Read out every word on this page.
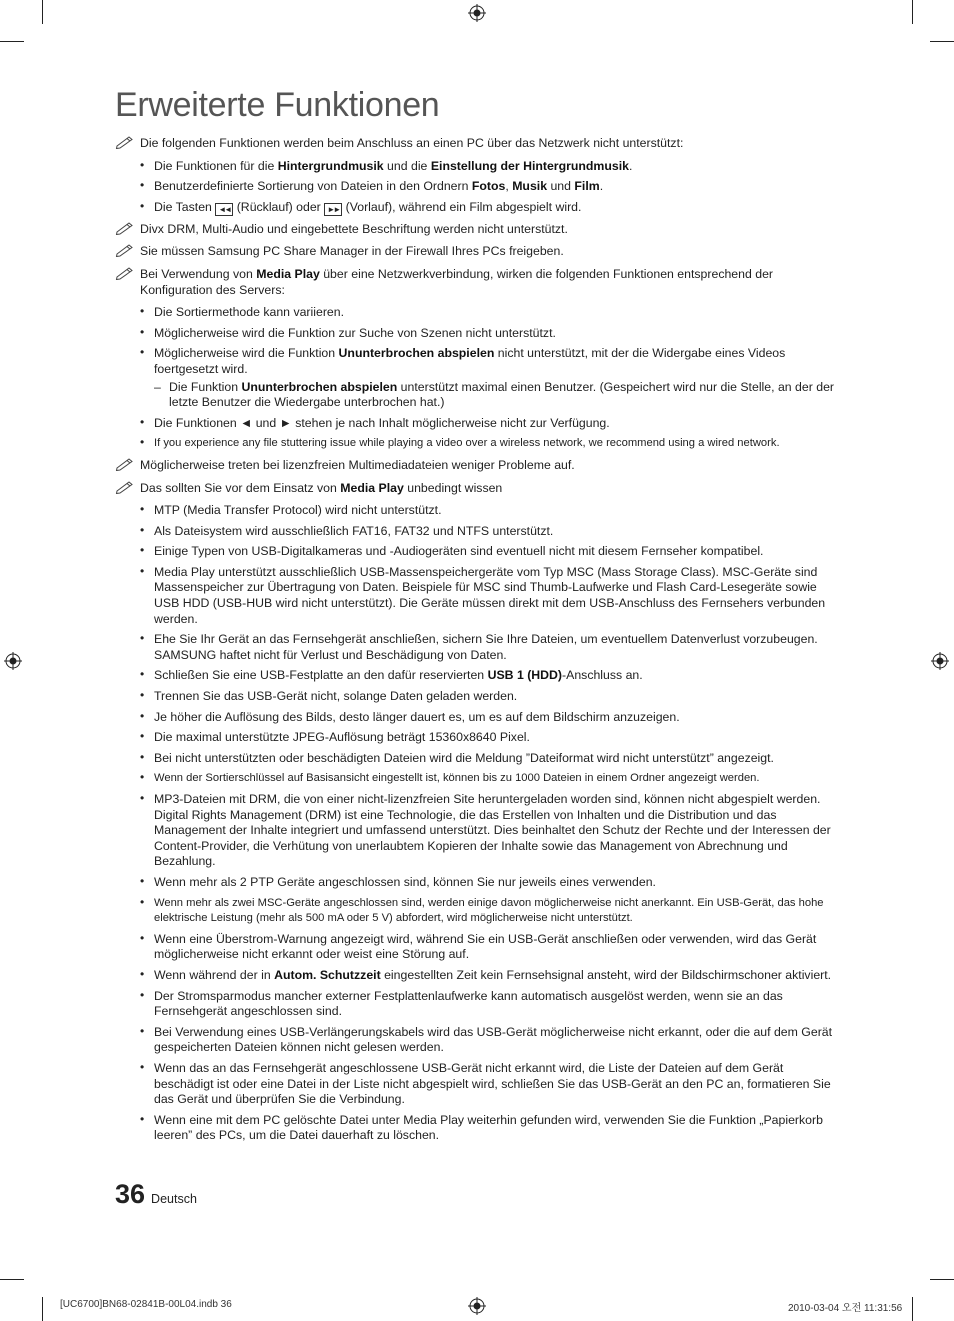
Erweiterte Funktionen
Die folgenden Funktionen werden beim Anschluss an einen PC über das Netzwerk nicht unterstützt:
• Die Funktionen für die Hintergrundmusik und die Einstellung der Hintergrundmusik.
• Benutzerdefinierte Sortierung von Dateien in den Ordnern Fotos, Musik und Film.
• Die Tasten ◄◄ (Rücklauf) oder ►► (Vorlauf), während ein Film abgespielt wird.
Divx DRM, Multi-Audio und eingebettete Beschriftung werden nicht unterstützt.
Sie müssen Samsung PC Share Manager in der Firewall Ihres PCs freigeben.
Bei Verwendung von Media Play über eine Netzwerkverbindung, wirken die folgenden Funktionen entsprechend der Konfiguration des Servers:
• Die Sortiermethode kann variieren.
• Möglicherweise wird die Funktion zur Suche von Szenen nicht unterstützt.
• Möglicherweise wird die Funktion Ununterbrochen abspielen nicht unterstützt, mit der die Widergabe eines Videos foertgesetzt wird.
– Die Funktion Ununterbrochen abspielen unterstützt maximal einen Benutzer. (Gespeichert wird nur die Stelle, an der der letzte Benutzer die Wiedergabe unterbrochen hat.)
• Die Funktionen ◄ und ► stehen je nach Inhalt möglicherweise nicht zur Verfügung.
• If you experience any file stuttering issue while playing a video over a wireless network, we recommend using a wired network.
Möglicherweise treten bei lizenzfreien Multimediadateien weniger Probleme auf.
Das sollten Sie vor dem Einsatz von Media Play unbedingt wissen
• MTP (Media Transfer Protocol) wird nicht unterstützt.
• Als Dateisystem wird ausschließlich FAT16, FAT32 und NTFS unterstützt.
• Einige Typen von USB-Digitalkameras und -Audiogeräten sind eventuell nicht mit diesem Fernseher kompatibel.
• Media Play unterstützt ausschließlich USB-Massenspeichergeräte vom Typ MSC (Mass Storage Class). MSC-Geräte sind Massenspeicher zur Übertragung von Daten. Beispiele für MSC sind Thumb-Laufwerke und Flash Card-Lesegeräte sowie USB HDD (USB-HUB wird nicht unterstützt). Die Geräte müssen direkt mit dem USB-Anschluss des Fernsehers verbunden werden.
• Ehe Sie Ihr Gerät an das Fernsehgerät anschließen, sichern Sie Ihre Dateien, um eventuellem Datenverlust vorzubeugen. SAMSUNG haftet nicht für Verlust und Beschädigung von Daten.
• Schließen Sie eine USB-Festplatte an den dafür reservierten USB 1 (HDD)-Anschluss an.
• Trennen Sie das USB-Gerät nicht, solange Daten geladen werden.
• Je höher die Auflösung des Bilds, desto länger dauert es, um es auf dem Bildschirm anzuzeigen.
• Die maximal unterstützte JPEG-Auflösung beträgt 15360x8640 Pixel.
• Bei nicht unterstützten oder beschädigten Dateien wird die Meldung ”Dateiformat wird nicht unterstützt” angezeigt.
• Wenn der Sortierschlüssel auf Basisansicht eingestellt ist, können bis zu 1000 Dateien in einem Ordner angezeigt werden.
• MP3-Dateien mit DRM, die von einer nicht-lizenzfreien Site heruntergeladen worden sind, können nicht abgespielt werden. Digital Rights Management (DRM) ist eine Technologie, die das Erstellen von Inhalten und die Distribution und das Management der Inhalte integriert und umfassend unterstützt. Dies beinhaltet den Schutz der Rechte und der Interessen der Content-Provider, die Verhütung von unerlaubtem Kopieren der Inhalte sowie das Management von Abrechnung und Bezahlung.
• Wenn mehr als 2 PTP Geräte angeschlossen sind, können Sie nur jeweils eines verwenden.
• Wenn mehr als zwei MSC-Geräte angeschlossen sind, werden einige davon möglicherweise nicht anerkannt. Ein USB-Gerät, das hohe elektrische Leistung (mehr als 500 mA oder 5 V) abfordert, wird möglicherweise nicht unterstützt.
• Wenn eine Überstrom-Warnung angezeigt wird, während Sie ein USB-Gerät anschließen oder verwenden, wird das Gerät möglicherweise nicht erkannt oder weist eine Störung auf.
• Wenn während der in Autom. Schutzzeit eingestellten Zeit kein Fernsehsignal ansteht, wird der Bildschirmschoner aktiviert.
• Der Stromsparmodus mancher externer Festplattenlaufwerke kann automatisch ausgelöst werden, wenn sie an das Fernsehgerät angeschlossen sind.
• Bei Verwendung eines USB-Verlängerungskabels wird das USB-Gerät möglicherweise nicht erkannt, oder die auf dem Gerät gespeicherten Dateien können nicht gelesen werden.
• Wenn das an das Fernsehgerät angeschlossene USB-Gerät nicht erkannt wird, die Liste der Dateien auf dem Gerät beschädigt ist oder eine Datei in der Liste nicht abgespielt wird, schließen Sie das USB-Gerät an den PC an, formatieren Sie das Gerät und überprüfen Sie die Verbindung.
• Wenn eine mit dem PC gelöschte Datei unter Media Play weiterhin gefunden wird, verwenden Sie die Funktion „Papierkorb leeren” des PCs, um die Datei dauerhaft zu löschen.
36 Deutsch
[UC6700]BN68-02841B-00L04.indb 36	2010-03-04 오전 11:31:56
